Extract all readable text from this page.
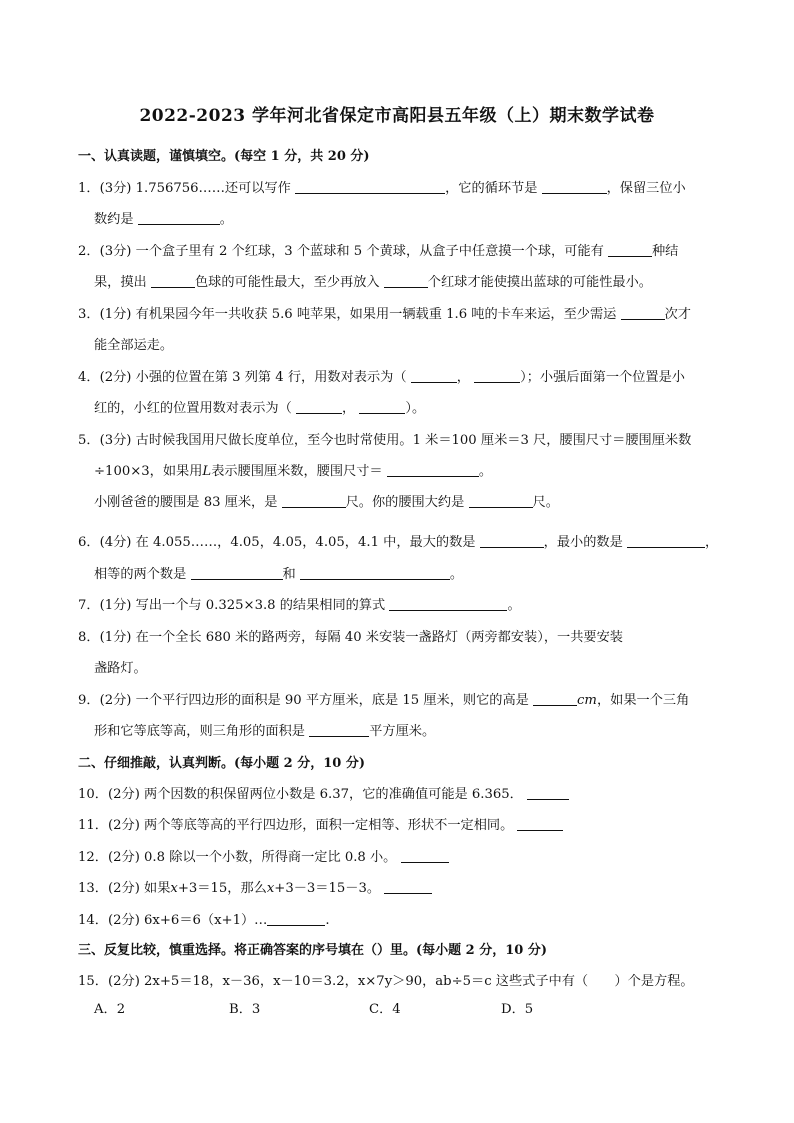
2022-2023 学年河北省保定市高阳县五年级（上）期末数学试卷
一、认真读题，谨慎填空。(每空 1 分，共 20 分)
1．(3分) 1.756756……还可以写作	，它的循环节是	，保留三位小
数约是	。
2．(3分) 一个盒子里有 2 个红球，3 个蓝球和 5 个黄球，从盒子中任意摸一个球，可能有	种结
果，摸出	色球的可能性最大，至少再放入	个红球才能使摸出蓝球的可能性最小。
3．(1分) 有机果园今年一共收获 5.6 吨苹果，如果用一辆载重 1.6 吨的卡车来运，至少需运	次才
能全部运走。
4．(2分) 小强的位置在第 3 列第 4 行，用数对表示为（	，	）；小强后面第一个位置是小
红的，小红的位置用数对表示为（	，	）。
5．(3分) 古时候我国用尺做长度单位，至今也时常使用。1 米＝100 厘米＝3 尺，腰围尺寸＝腰围厘米数
÷100×3，如果用L表示腰围厘米数，腰围尺寸＝	。
小刚爸爸的腰围是 83 厘米，是	尺。你的腰围大约是	尺。
6．(4分) 在 4.055……，4.05，4.05，4.05，4.1 中，最大的数是	，最小的数是	，
相等的两个数是	和	。
7．(1分) 写出一个与 0.325×3.8 的结果相同的算式	。
8．(1分) 在一个全长 680 米的路两旁，每隔 40 米安装一盏路灯（两旁都安装），一共要安装
盏路灯。
9．(2分) 一个平行四边形的面积是 90 平方厘米，底是 15 厘米，则它的高是	cm，如果一个三角
形和它等底等高，则三角形的面积是	平方厘米。
二、仔细推敲，认真判断。(每小题 2 分，10 分)
10．(2分) 两个因数的积保留两位小数是 6.37，它的准确值可能是 6.365．
11．(2分) 两个等底等高的平行四边形，面积一定相等、形状不一定相同。
12．(2分) 0.8 除以一个小数，所得商一定比 0.8 小。
13．(2分) 如果x+3＝15，那么x+3－3＝15－3。
14．(2分) 6x+6＝6（x+1）…	.
三、反复比较，慎重选择。将正确答案的序号填在（）里。(每小题 2 分，10 分)
15．(2分) 2x+5＝18，x－36，x－10＝3.2，x×7y＞90，ab÷5＝c 这些式子中有（　　）个是方程。
A．2	B．3	C．4	D．5
